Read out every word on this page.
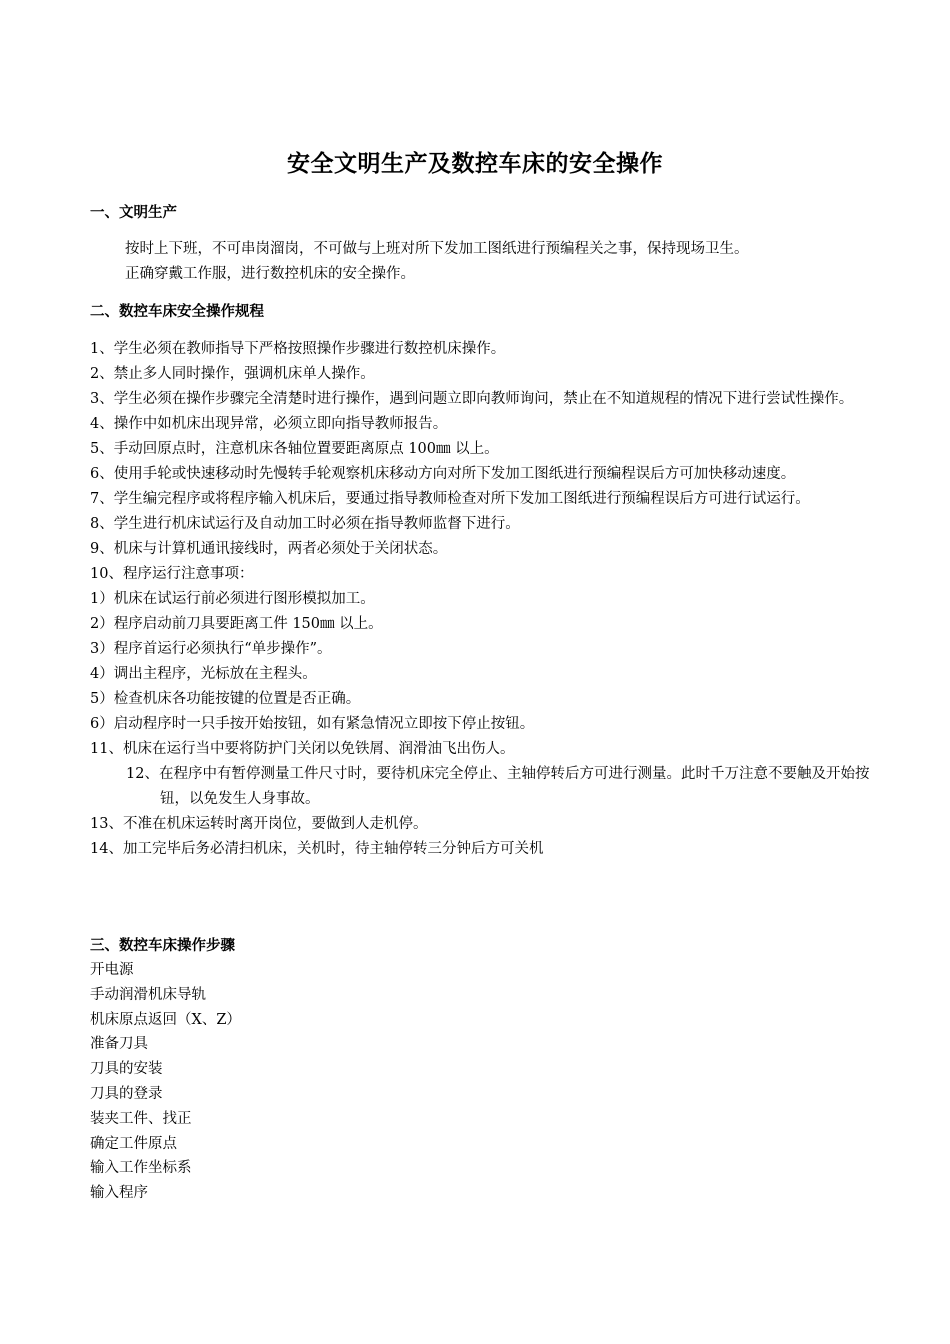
安全文明生产及数控车床的安全操作
一、文明生产
按时上下班，不可串岗溜岗，不可做与上班对所下发加工图纸进行预编程关之事，保持现场卫生。
正确穿戴工作服，进行数控机床的安全操作。
二、数控车床安全操作规程
1、学生必须在教师指导下严格按照操作步骤进行数控机床操作。
2、禁止多人同时操作，强调机床单人操作。
3、学生必须在操作步骤完全清楚时进行操作，遇到问题立即向教师询问，禁止在不知道规程的情况下进行尝试性操作。
4、操作中如机床出现异常，必须立即向指导教师报告。
5、手动回原点时，注意机床各轴位置要距离原点 100㎜ 以上。
6、使用手轮或快速移动时先慢转手轮观察机床移动方向对所下发加工图纸进行预编程误后方可加快移动速度。
7、学生编完程序或将程序输入机床后，要通过指导教师检查对所下发加工图纸进行预编程误后方可进行试运行。
8、学生进行机床试运行及自动加工时必须在指导教师监督下进行。
9、机床与计算机通讯接线时，两者必须处于关闭状态。
10、程序运行注意事项：
1）机床在试运行前必须进行图形模拟加工。
2）程序启动前刀具要距离工件 150㎜ 以上。
3）程序首运行必须执行“单步操作”。
4）调出主程序，光标放在主程头。
5）检查机床各功能按键的位置是否正确。
6）启动程序时一只手按开始按钮，如有紧急情况立即按下停止按钮。
11、机床在运行当中要将防护门关闭以免铁屑、润滑油飞出伤人。
12、在程序中有暂停测量工件尺寸时，要待机床完全停止、主轴停转后方可进行测量。此时千万注意不要触及开始按钮，以免发生人身事故。
13、不准在机床运转时离开岗位，要做到人走机停。
14、加工完毕后务必清扫机床，关机时，待主轴停转三分钟后方可关机
三、数控车床操作步骤
开电源
手动润滑机床导轨
机床原点返回（X、Z）
准备刀具
刀具的安装
刀具的登录
装夹工件、找正
确定工件原点
输入工作坐标系
输入程序
